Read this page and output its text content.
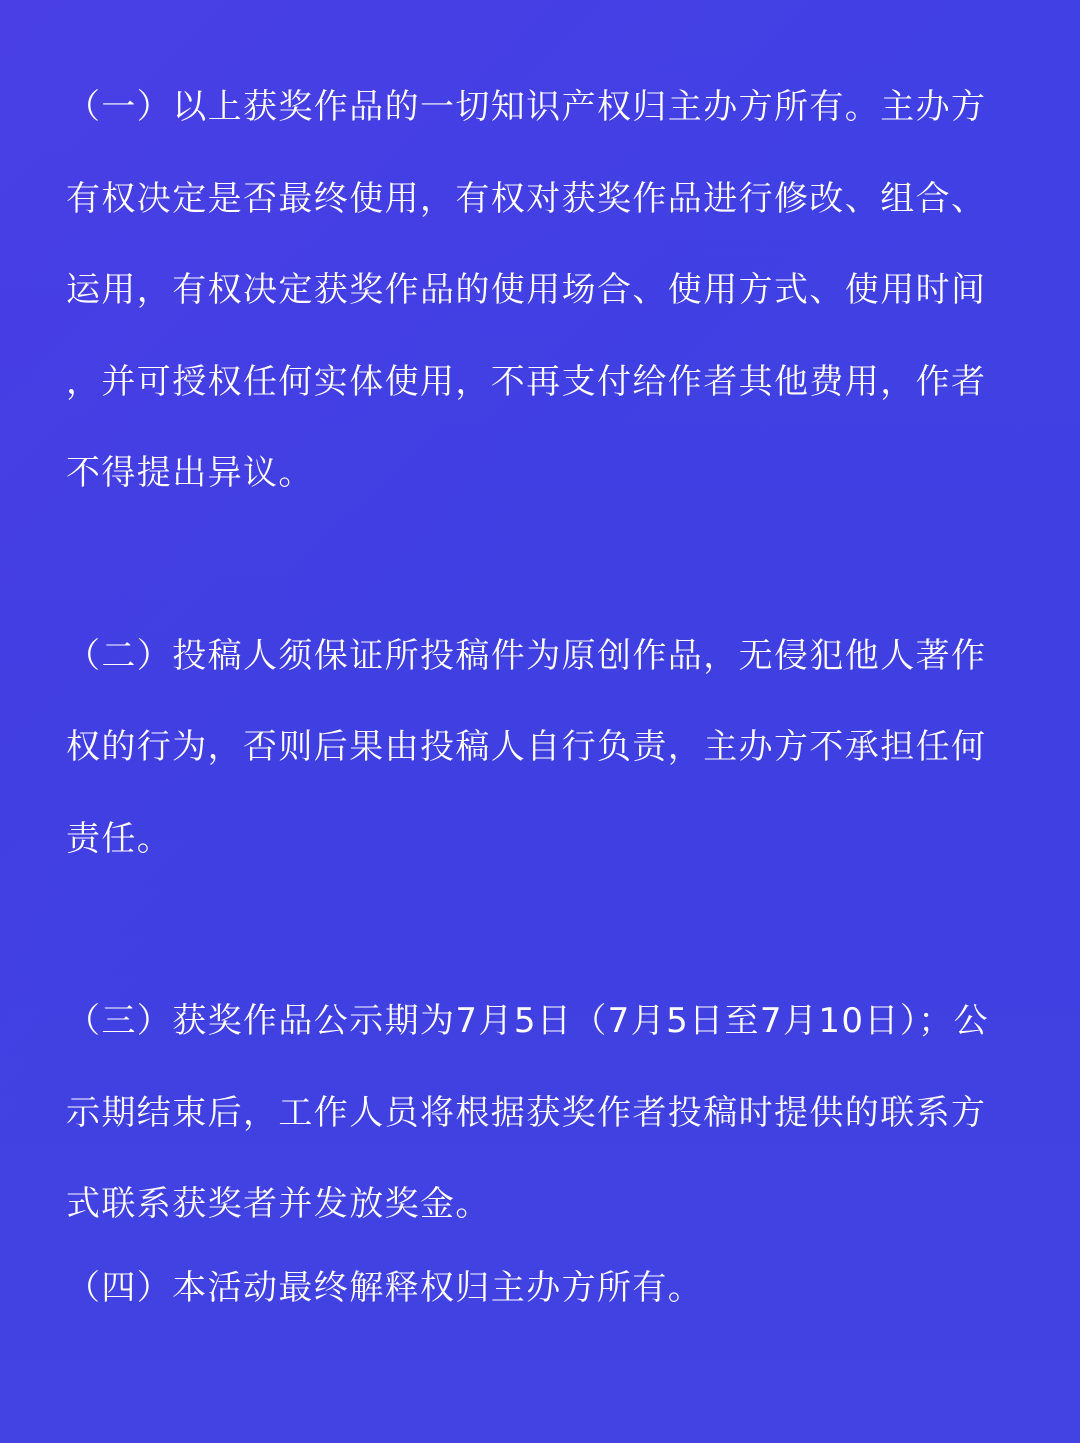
（一）以上获奖作品的一切知识产权归主办方所有。主办方
有权决定是否最终使用，有权对获奖作品进行修改、组合、
运用，有权决定获奖作品的使用场合、使用方式、使用时间
，并可授权任何实体使用，不再支付给作者其他费用，作者
不得提出异议。

（二）投稿人须保证所投稿件为原创作品，无侵犯他人著作
权的行为，否则后果由投稿人自行负责，主办方不承担任何
责任。

（三）获奖作品公示期为7月5日（7月5日至7月10日）；公
示期结束后，工作人员将根据获奖作者投稿时提供的联系方
式联系获奖者并发放奖金。

（四）本活动最终解释权归主办方所有。
